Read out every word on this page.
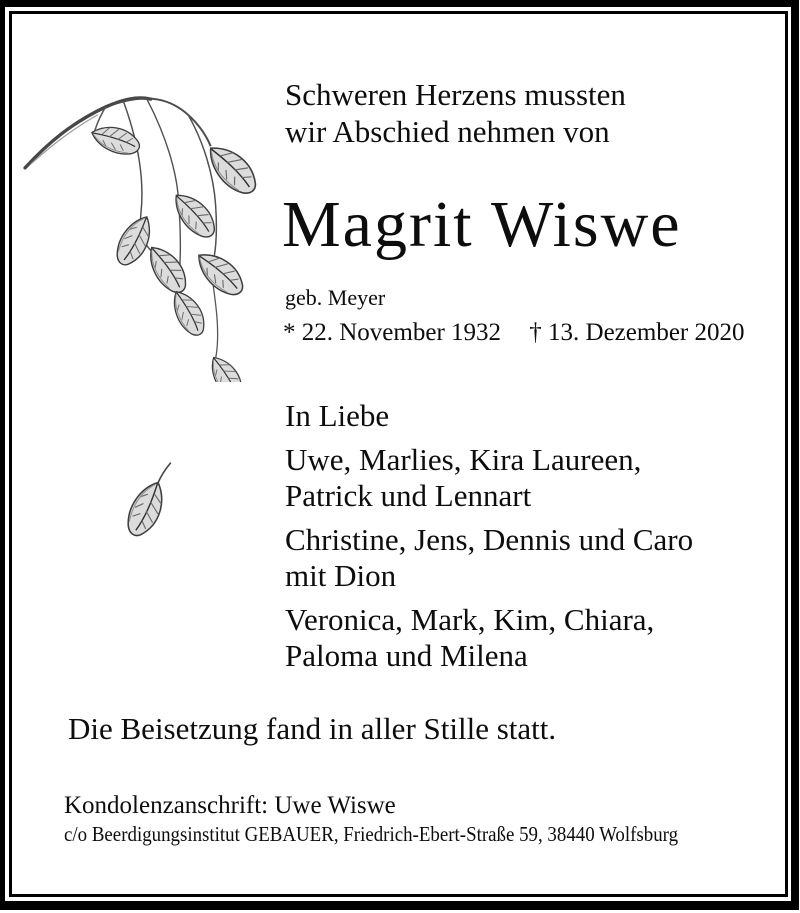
Schweren Herzens mussten
wir Abschied nehmen von
Magrit Wiswe
geb. Meyer
* 22. November 1932 † 13. Dezember 2020
In Liebe
Uwe, Marlies, Kira Laureen,
Patrick und Lennart
Christine, Jens, Dennis und Caro
mit Dion
Veronica, Mark, Kim, Chiara,
Paloma und Milena
Die Beisetzung fand in aller Stille statt.
Kondolenzanschrift: Uwe Wiswe
c/o Beerdigungsinstitut GEBAUER, Friedrich-Ebert-Straße 59, 38440 Wolfsburg
